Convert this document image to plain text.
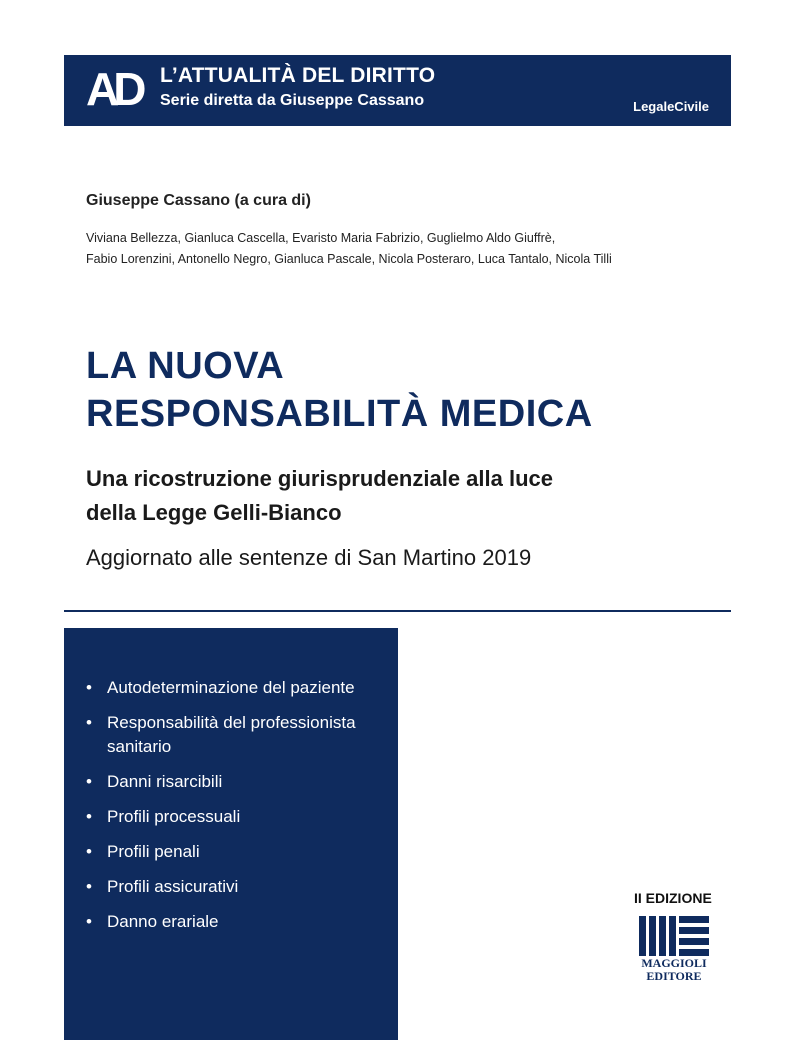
AD L’ATTUALITÀ DEL DIRITTO
Serie diretta da Giuseppe Cassano	LegaleCivile
Giuseppe Cassano (a cura di)
Viviana Bellezza, Gianluca Cascella, Evaristo Maria Fabrizio, Guglielmo Aldo Giuffrè,
Fabio Lorenzini, Antonello Negro, Gianluca Pascale, Nicola Posteraro, Luca Tantalo, Nicola Tilli
LA NUOVA
RESPONSABILITÀ MEDICA
Una ricostruzione giurisprudenziale alla luce
della Legge Gelli-Bianco
Aggiornato alle sentenze di San Martino 2019
• Autodeterminazione del paziente
• Responsabilità del professionista sanitario
• Danni risarcibili
• Profili processuali
• Profili penali
• Profili assicurativi
• Danno erariale
II EDIZIONE
MAGGIOLI
EDITORE
